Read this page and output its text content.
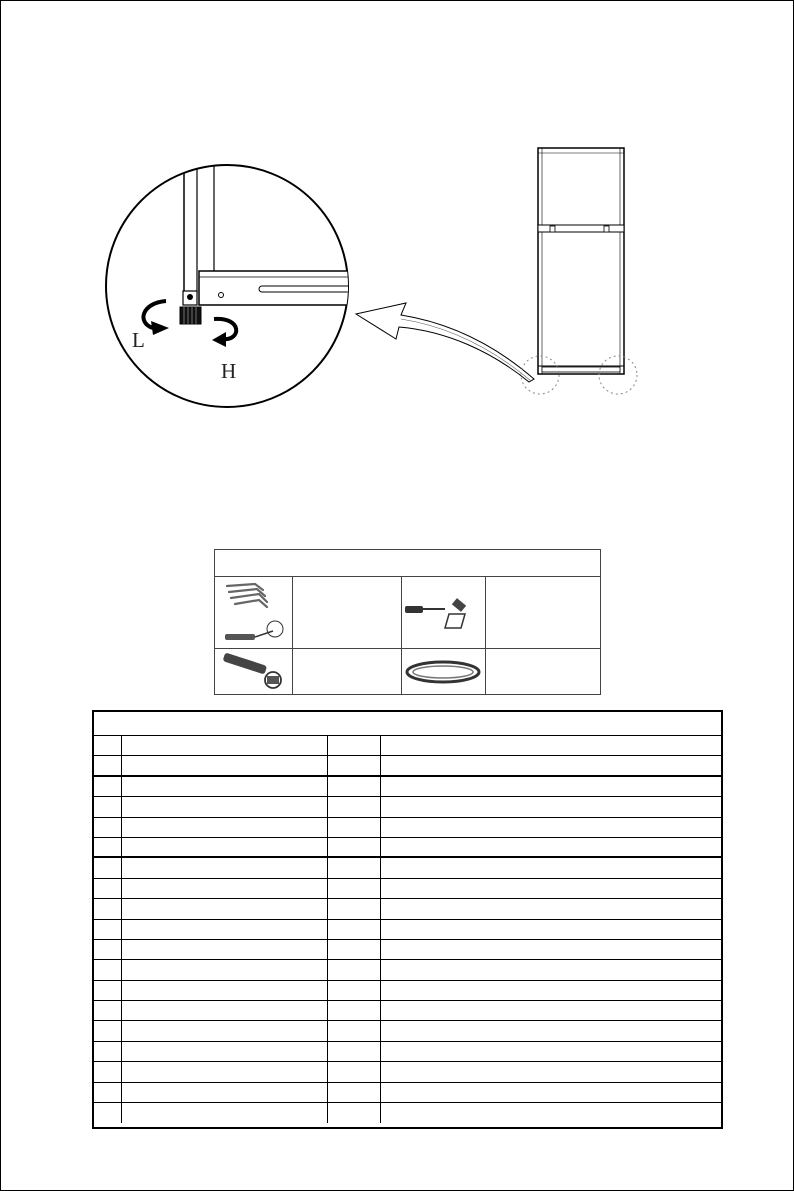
L
H
